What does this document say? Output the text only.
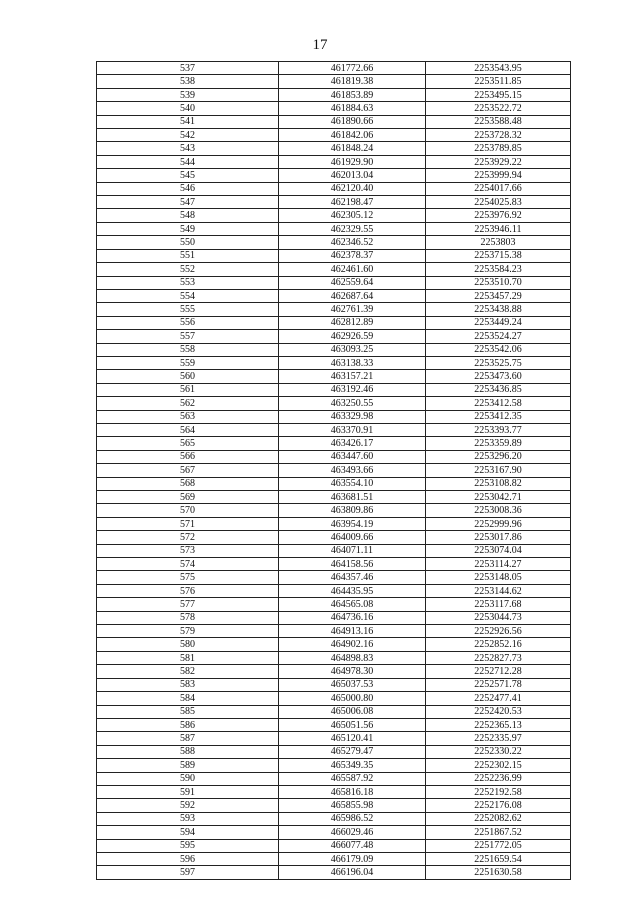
17
537	461772.66	2253543.95
538	461819.38	2253511.85
539	461853.89	2253495.15
540	461884.63	2253522.72
541	461890.66	2253588.48
542	461842.06	2253728.32
543	461848.24	2253789.85
544	461929.90	2253929.22
545	462013.04	2253999.94
546	462120.40	2254017.66
547	462198.47	2254025.83
548	462305.12	2253976.92
549	462329.55	2253946.11
550	462346.52	2253803
551	462378.37	2253715.38
552	462461.60	2253584.23
553	462559.64	2253510.70
554	462687.64	2253457.29
555	462761.39	2253438.88
556	462812.89	2253449.24
557	462926.59	2253524.27
558	463093.25	2253542.06
559	463138.33	2253525.75
560	463157.21	2253473.60
561	463192.46	2253436.85
562	463250.55	2253412.58
563	463329.98	2253412.35
564	463370.91	2253393.77
565	463426.17	2253359.89
566	463447.60	2253296.20
567	463493.66	2253167.90
568	463554.10	2253108.82
569	463681.51	2253042.71
570	463809.86	2253008.36
571	463954.19	2252999.96
572	464009.66	2253017.86
573	464071.11	2253074.04
574	464158.56	2253114.27
575	464357.46	2253148.05
576	464435.95	2253144.62
577	464565.08	2253117.68
578	464736.16	2253044.73
579	464913.16	2252926.56
580	464902.16	2252852.16
581	464898.83	2252827.73
582	464978.30	2252712.28
583	465037.53	2252571.78
584	465000.80	2252477.41
585	465006.08	2252420.53
586	465051.56	2252365.13
587	465120.41	2252335.97
588	465279.47	2252330.22
589	465349.35	2252302.15
590	465587.92	2252236.99
591	465816.18	2252192.58
592	465855.98	2252176.08
593	465986.52	2252082.62
594	466029.46	2251867.52
595	466077.48	2251772.05
596	466179.09	2251659.54
597	466196.04	2251630.58
